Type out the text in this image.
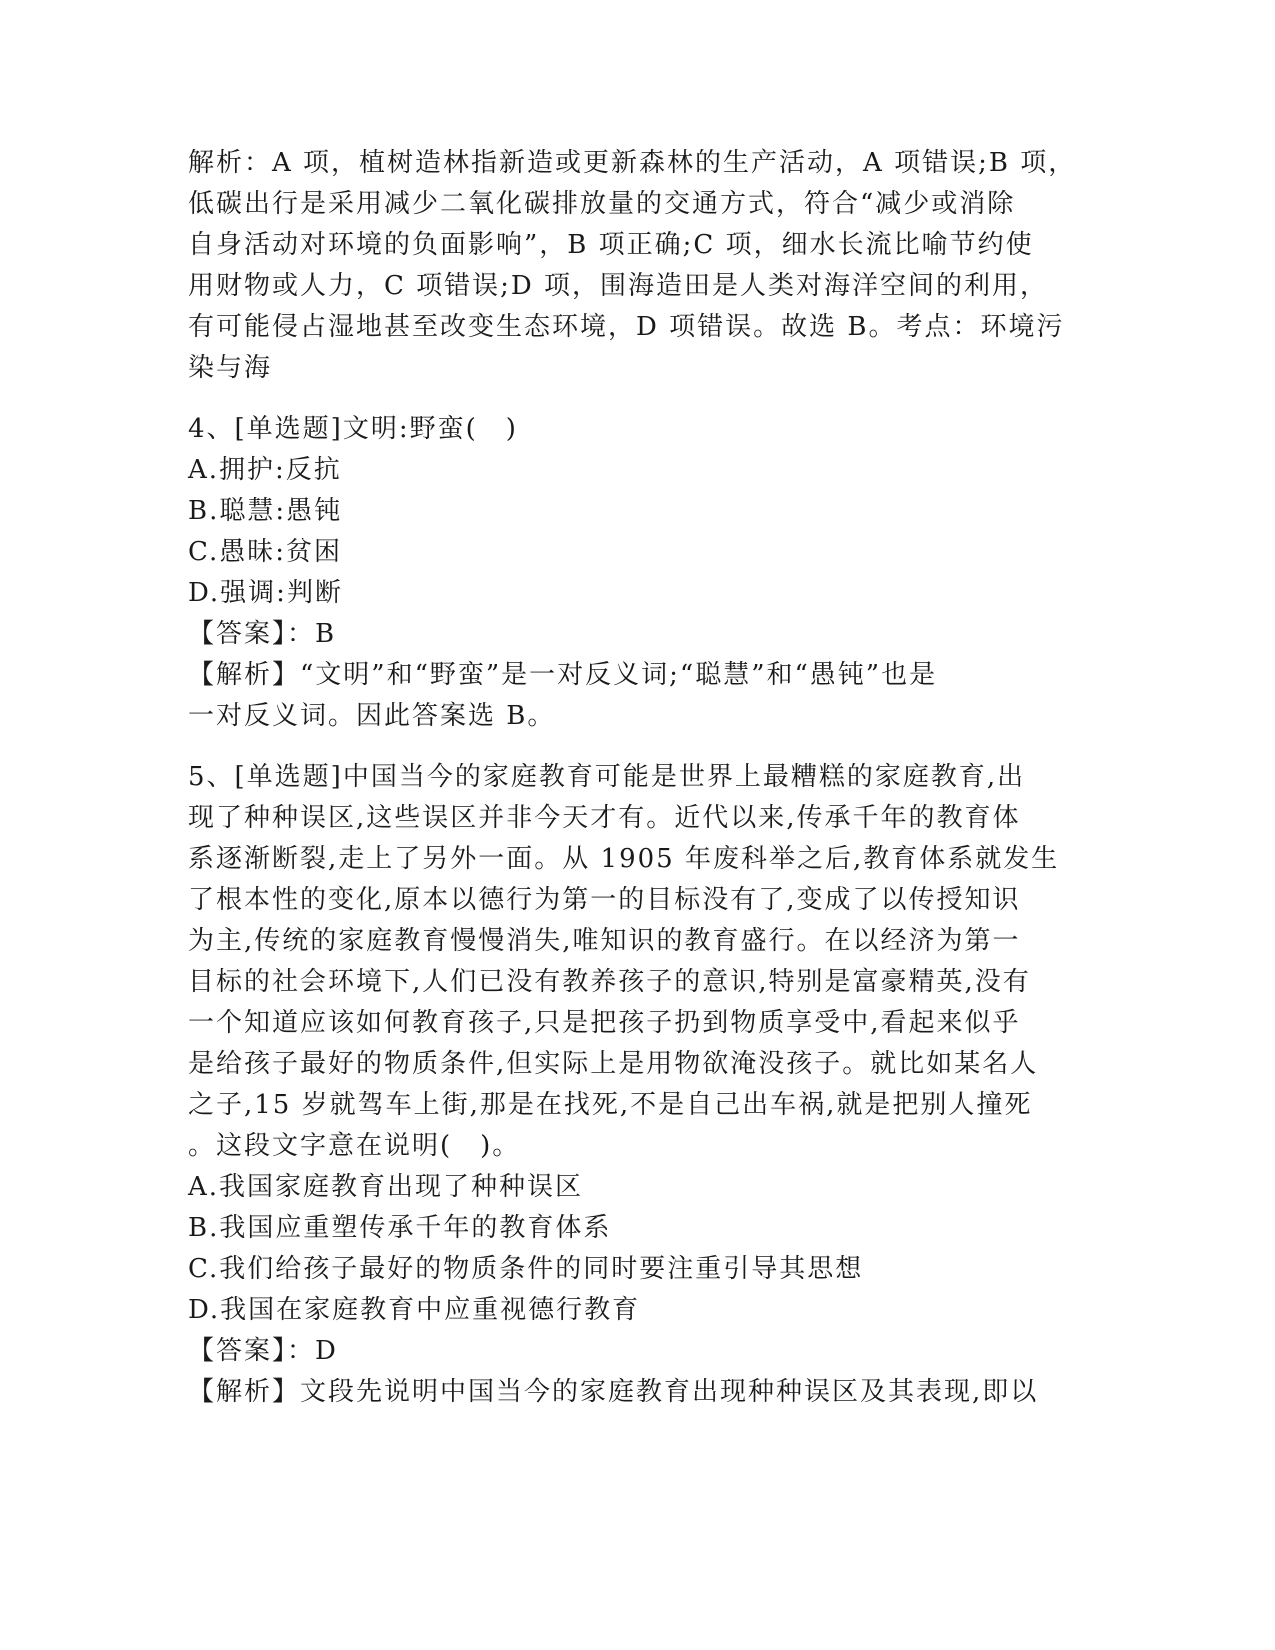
解析：A 项，植树造林指新造或更新森林的生产活动，A 项错误;B 项，
低碳出行是采用减少二氧化碳排放量的交通方式，符合“减少或消除
自身活动对环境的负面影响”，B 项正确;C 项，细水长流比喻节约使
用财物或人力，C 项错误;D 项，围海造田是人类对海洋空间的利用，
有可能侵占湿地甚至改变生态环境，D 项错误。故选 B。考点：环境污
染与海
4、[单选题]文明:野蛮(　)
A.拥护:反抗
B.聪慧:愚钝
C.愚昧:贫困
D.强调:判断
【答案】：B
【解析】“文明”和“野蛮”是一对反义词;“聪慧”和“愚钝”也是
一对反义词。因此答案选 B。
5、[单选题]中国当今的家庭教育可能是世界上最糟糕的家庭教育,出
现了种种误区,这些误区并非今天才有。近代以来,传承千年的教育体
系逐渐断裂,走上了另外一面。从 1905 年废科举之后,教育体系就发生
了根本性的变化,原本以德行为第一的目标没有了,变成了以传授知识
为主,传统的家庭教育慢慢消失,唯知识的教育盛行。在以经济为第一
目标的社会环境下,人们已没有教养孩子的意识,特别是富豪精英,没有
一个知道应该如何教育孩子,只是把孩子扔到物质享受中,看起来似乎
是给孩子最好的物质条件,但实际上是用物欲淹没孩子。就比如某名人
之子,15 岁就驾车上街,那是在找死,不是自己出车祸,就是把别人撞死
。这段文字意在说明(　)。
A.我国家庭教育出现了种种误区
B.我国应重塑传承千年的教育体系
C.我们给孩子最好的物质条件的同时要注重引导其思想
D.我国在家庭教育中应重视德行教育
【答案】：D
【解析】文段先说明中国当今的家庭教育出现种种误区及其表现,即以
